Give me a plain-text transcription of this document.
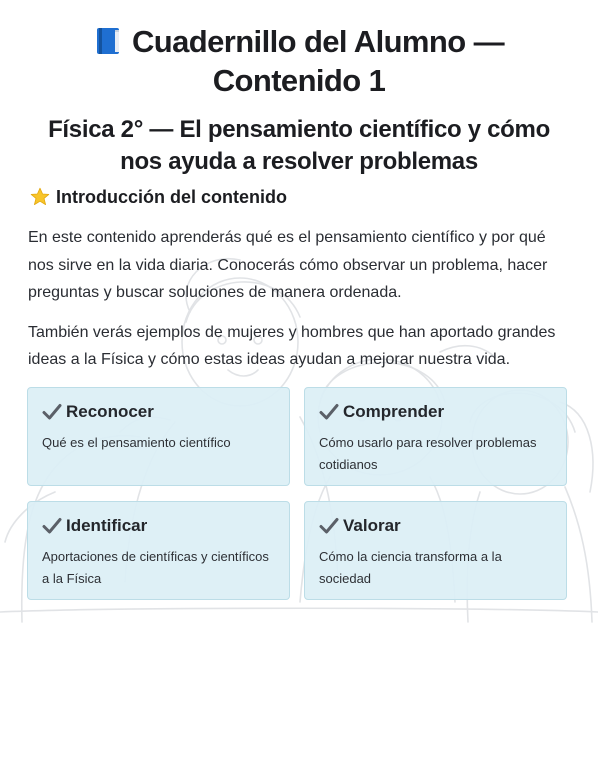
Cuadernillo del Alumno — Contenido 1
Física 2° — El pensamiento científico y cómo nos ayuda a resolver problemas
Introducción del contenido

En este contenido aprenderás qué es el pensamiento científico y por qué nos sirve en la vida diaria. Conocerás cómo observar un problema, hacer preguntas y buscar soluciones de manera ordenada.

También verás ejemplos de mujeres y hombres que han aportado grandes ideas a la Física y cómo estas ideas ayudan a mejorar nuestra vida.

Reconocer
Qué es el pensamiento científico
Comprender
Cómo usarlo para resolver problemas cotidianos
Identificar
Aportaciones de científicas y científicos a la Física
Valorar
Cómo la ciencia transforma a la sociedad
